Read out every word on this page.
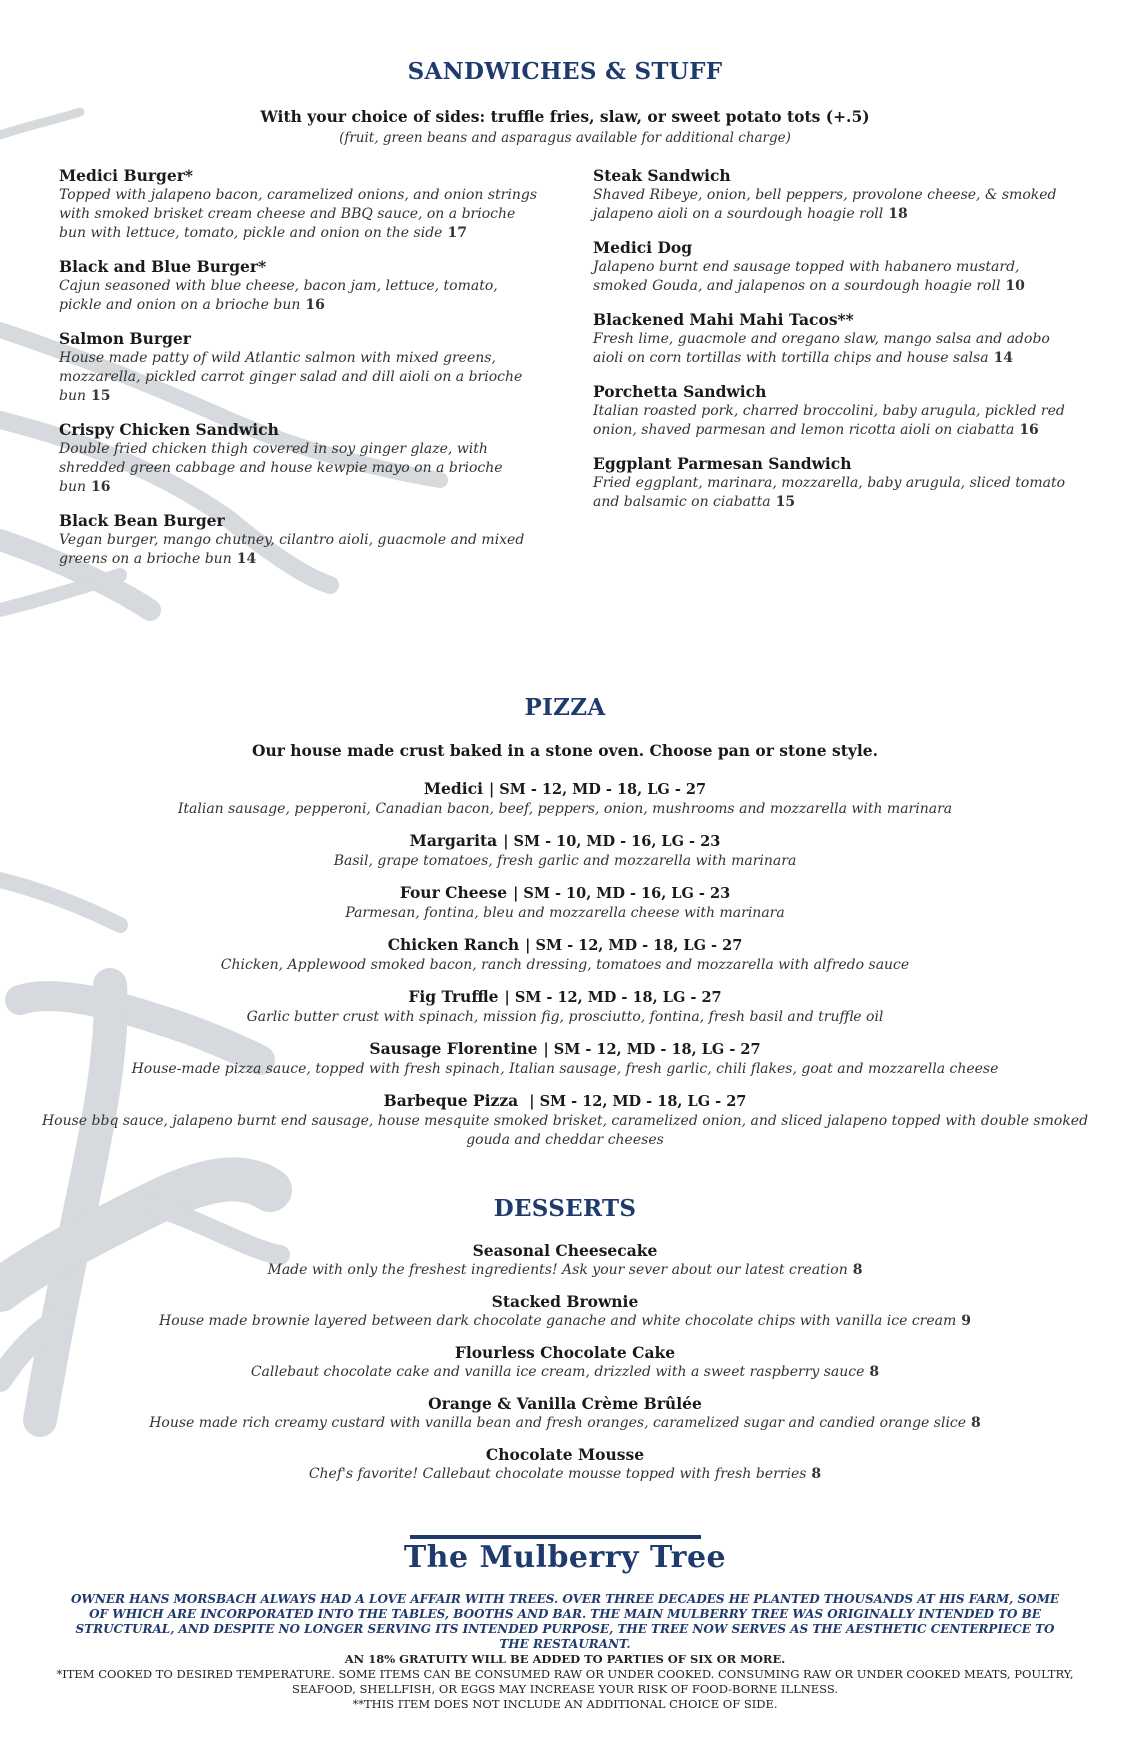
SANDWICHES & STUFF

With your choice of sides: truffle fries, slaw, or sweet potato tots (+.5)

(fruit, green beans and asparagus available for additional charge)

Medici Burger*
Topped with jalapeno bacon, caramelized onions, and onion strings with smoked brisket cream cheese and BBQ sauce, on a brioche bun with lettuce, tomato, pickle and onion on the side 17
Black and Blue Burger*
Cajun seasoned with blue cheese, bacon jam, lettuce, tomato, pickle and onion on a brioche bun 16
Salmon Burger
House made patty of wild Atlantic salmon with mixed greens, mozzarella, pickled carrot ginger salad and dill aioli on a brioche bun 15
Crispy Chicken Sandwich
Double fried chicken thigh covered in soy ginger glaze, with shredded green cabbage and house kewpie mayo on a brioche bun 16
Black Bean Burger
Vegan burger, mango chutney, cilantro aioli, guacmole and mixed greens on a brioche bun 14
Steak Sandwich
Shaved Ribeye, onion, bell peppers, provolone cheese, & smoked jalapeno aioli on a sourdough hoagie roll 18
Medici Dog
Jalapeno burnt end sausage topped with habanero mustard, smoked Gouda, and jalapenos on a sourdough hoagie roll 10
Blackened Mahi Mahi Tacos**
Fresh lime, guacmole and oregano slaw, mango salsa and adobo aioli on corn tortillas with tortilla chips and house salsa 14
Porchetta Sandwich
Italian roasted pork, charred broccolini, baby arugula, pickled red onion, shaved parmesan and lemon ricotta aioli on ciabatta 16
Eggplant Parmesan Sandwich
Fried eggplant, marinara, mozzarella, baby arugula, sliced tomato and balsamic on ciabatta 15
PIZZA

Our house made crust baked in a stone oven. Choose pan or stone style.

Medici | SM - 12, MD - 18, LG - 27
Italian sausage, pepperoni, Canadian bacon, beef, peppers, onion, mushrooms and mozzarella with marinara
Margarita | SM - 10, MD - 16, LG - 23
Basil, grape tomatoes, fresh garlic and mozzarella with marinara
Four Cheese | SM - 10, MD - 16, LG - 23
Parmesan, fontina, bleu and mozzarella cheese with marinara
Chicken Ranch | SM - 12, MD - 18, LG - 27
Chicken, Applewood smoked bacon, ranch dressing, tomatoes and mozzarella with alfredo sauce
Fig Truffle | SM - 12, MD - 18, LG - 27
Garlic butter crust with spinach, mission fig, prosciutto, fontina, fresh basil and truffle oil
Sausage Florentine | SM - 12, MD - 18, LG - 27
House-made pizza sauce, topped with fresh spinach, Italian sausage, fresh garlic, chili flakes, goat and mozzarella cheese
Barbeque Pizza | SM - 12, MD - 18, LG - 27
House bbq sauce, jalapeno burnt end sausage, house mesquite smoked brisket, caramelized onion, and sliced jalapeno topped with double smoked gouda and cheddar cheeses
DESSERTS
Seasonal Cheesecake
Made with only the freshest ingredients! Ask your sever about our latest creation 8
Stacked Brownie
House made brownie layered between dark chocolate ganache and white chocolate chips with vanilla ice cream 9
Flourless Chocolate Cake
Callebaut chocolate cake and vanilla ice cream, drizzled with a sweet raspberry sauce 8
Orange & Vanilla Crème Brûlée
House made rich creamy custard with vanilla bean and fresh oranges, caramelized sugar and candied orange slice 8
Chocolate Mousse
Chef's favorite! Callebaut chocolate mousse topped with fresh berries 8
The Mulberry Tree

OWNER HANS MORSBACH ALWAYS HAD A LOVE AFFAIR WITH TREES. OVER THREE DECADES HE PLANTED THOUSANDS AT HIS FARM, SOME OF WHICH ARE INCORPORATED INTO THE TABLES, BOOTHS AND BAR. THE MAIN MULBERRY TREE WAS ORIGINALLY INTENDED TO BE STRUCTURAL, AND DESPITE NO LONGER SERVING ITS INTENDED PURPOSE, THE TREE NOW SERVES AS THE AESTHETIC CENTERPIECE TO THE RESTAURANT.

AN 18% GRATUITY WILL BE ADDED TO PARTIES OF SIX OR MORE.

*ITEM COOKED TO DESIRED TEMPERATURE. SOME ITEMS CAN BE CONSUMED RAW OR UNDER COOKED. CONSUMING RAW OR UNDER COOKED MEATS, POULTRY, SEAFOOD, SHELLFISH, OR EGGS MAY INCREASE YOUR RISK OF FOOD-BORNE ILLNESS.

**THIS ITEM DOES NOT INCLUDE AN ADDITIONAL CHOICE OF SIDE.
